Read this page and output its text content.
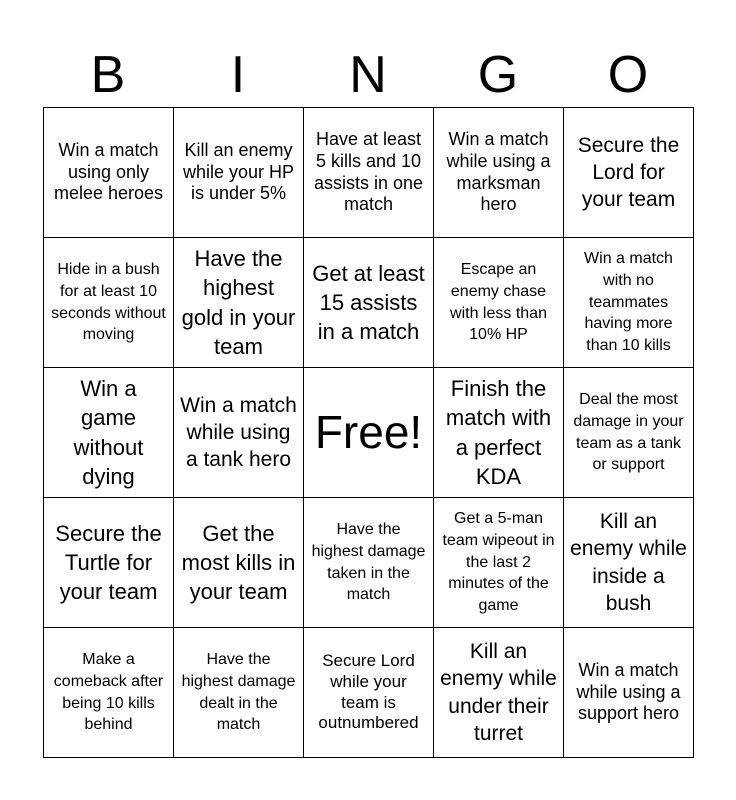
B	I	N	G	O
Win a match using only melee heroes	Kill an enemy while your HP is under 5%	Have at least 5 kills and 10 assists in one match	Win a match while using a marksman hero	Secure the Lord for your team
Hide in a bush for at least 10 seconds without moving	Have the highest gold in your team	Get at least 15 assists in a match	Escape an enemy chase with less than 10% HP	Win a match with no teammates having more than 10 kills
Win a game without dying	Win a match while using a tank hero	Free!	Finish the match with a perfect KDA	Deal the most damage in your team as a tank or support
Secure the Turtle for your team	Get the most kills in your team	Have the highest damage taken in the match	Get a 5-man team wipeout in the last 2 minutes of the game	Kill an enemy while inside a bush
Make a comeback after being 10 kills behind	Have the highest damage dealt in the match	Secure Lord while your team is outnumbered	Kill an enemy while under their turret	Win a match while using a support hero
